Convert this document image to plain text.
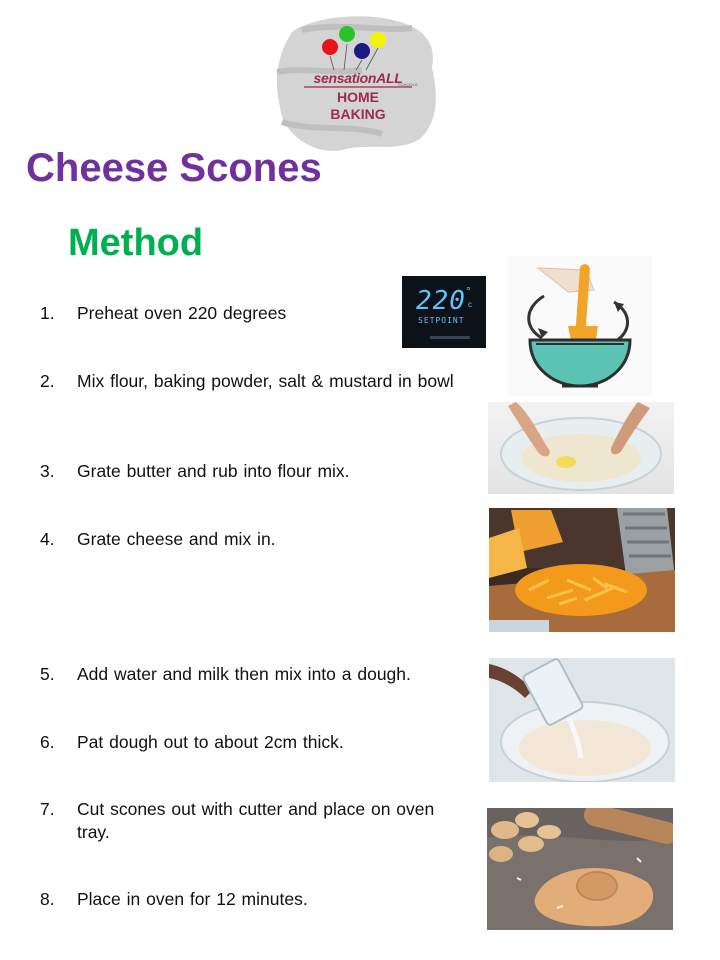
sensationALL
SCHOOLS
HOME
BAKING
Cheese Scones
Method
1.	Preheat oven 220 degrees
2.	Mix flour, baking powder, salt & mustard in bowl
3.	Grate butter and rub into flour mix.
4.	Grate cheese and mix in.
5.	Add water and milk then mix into a dough.
6.	Pat dough out to about 2cm thick.
7.	Cut scones out with cutter and place on oven tray.
8.	Place in oven for 12 minutes.
220 °
c
SETPOINT
